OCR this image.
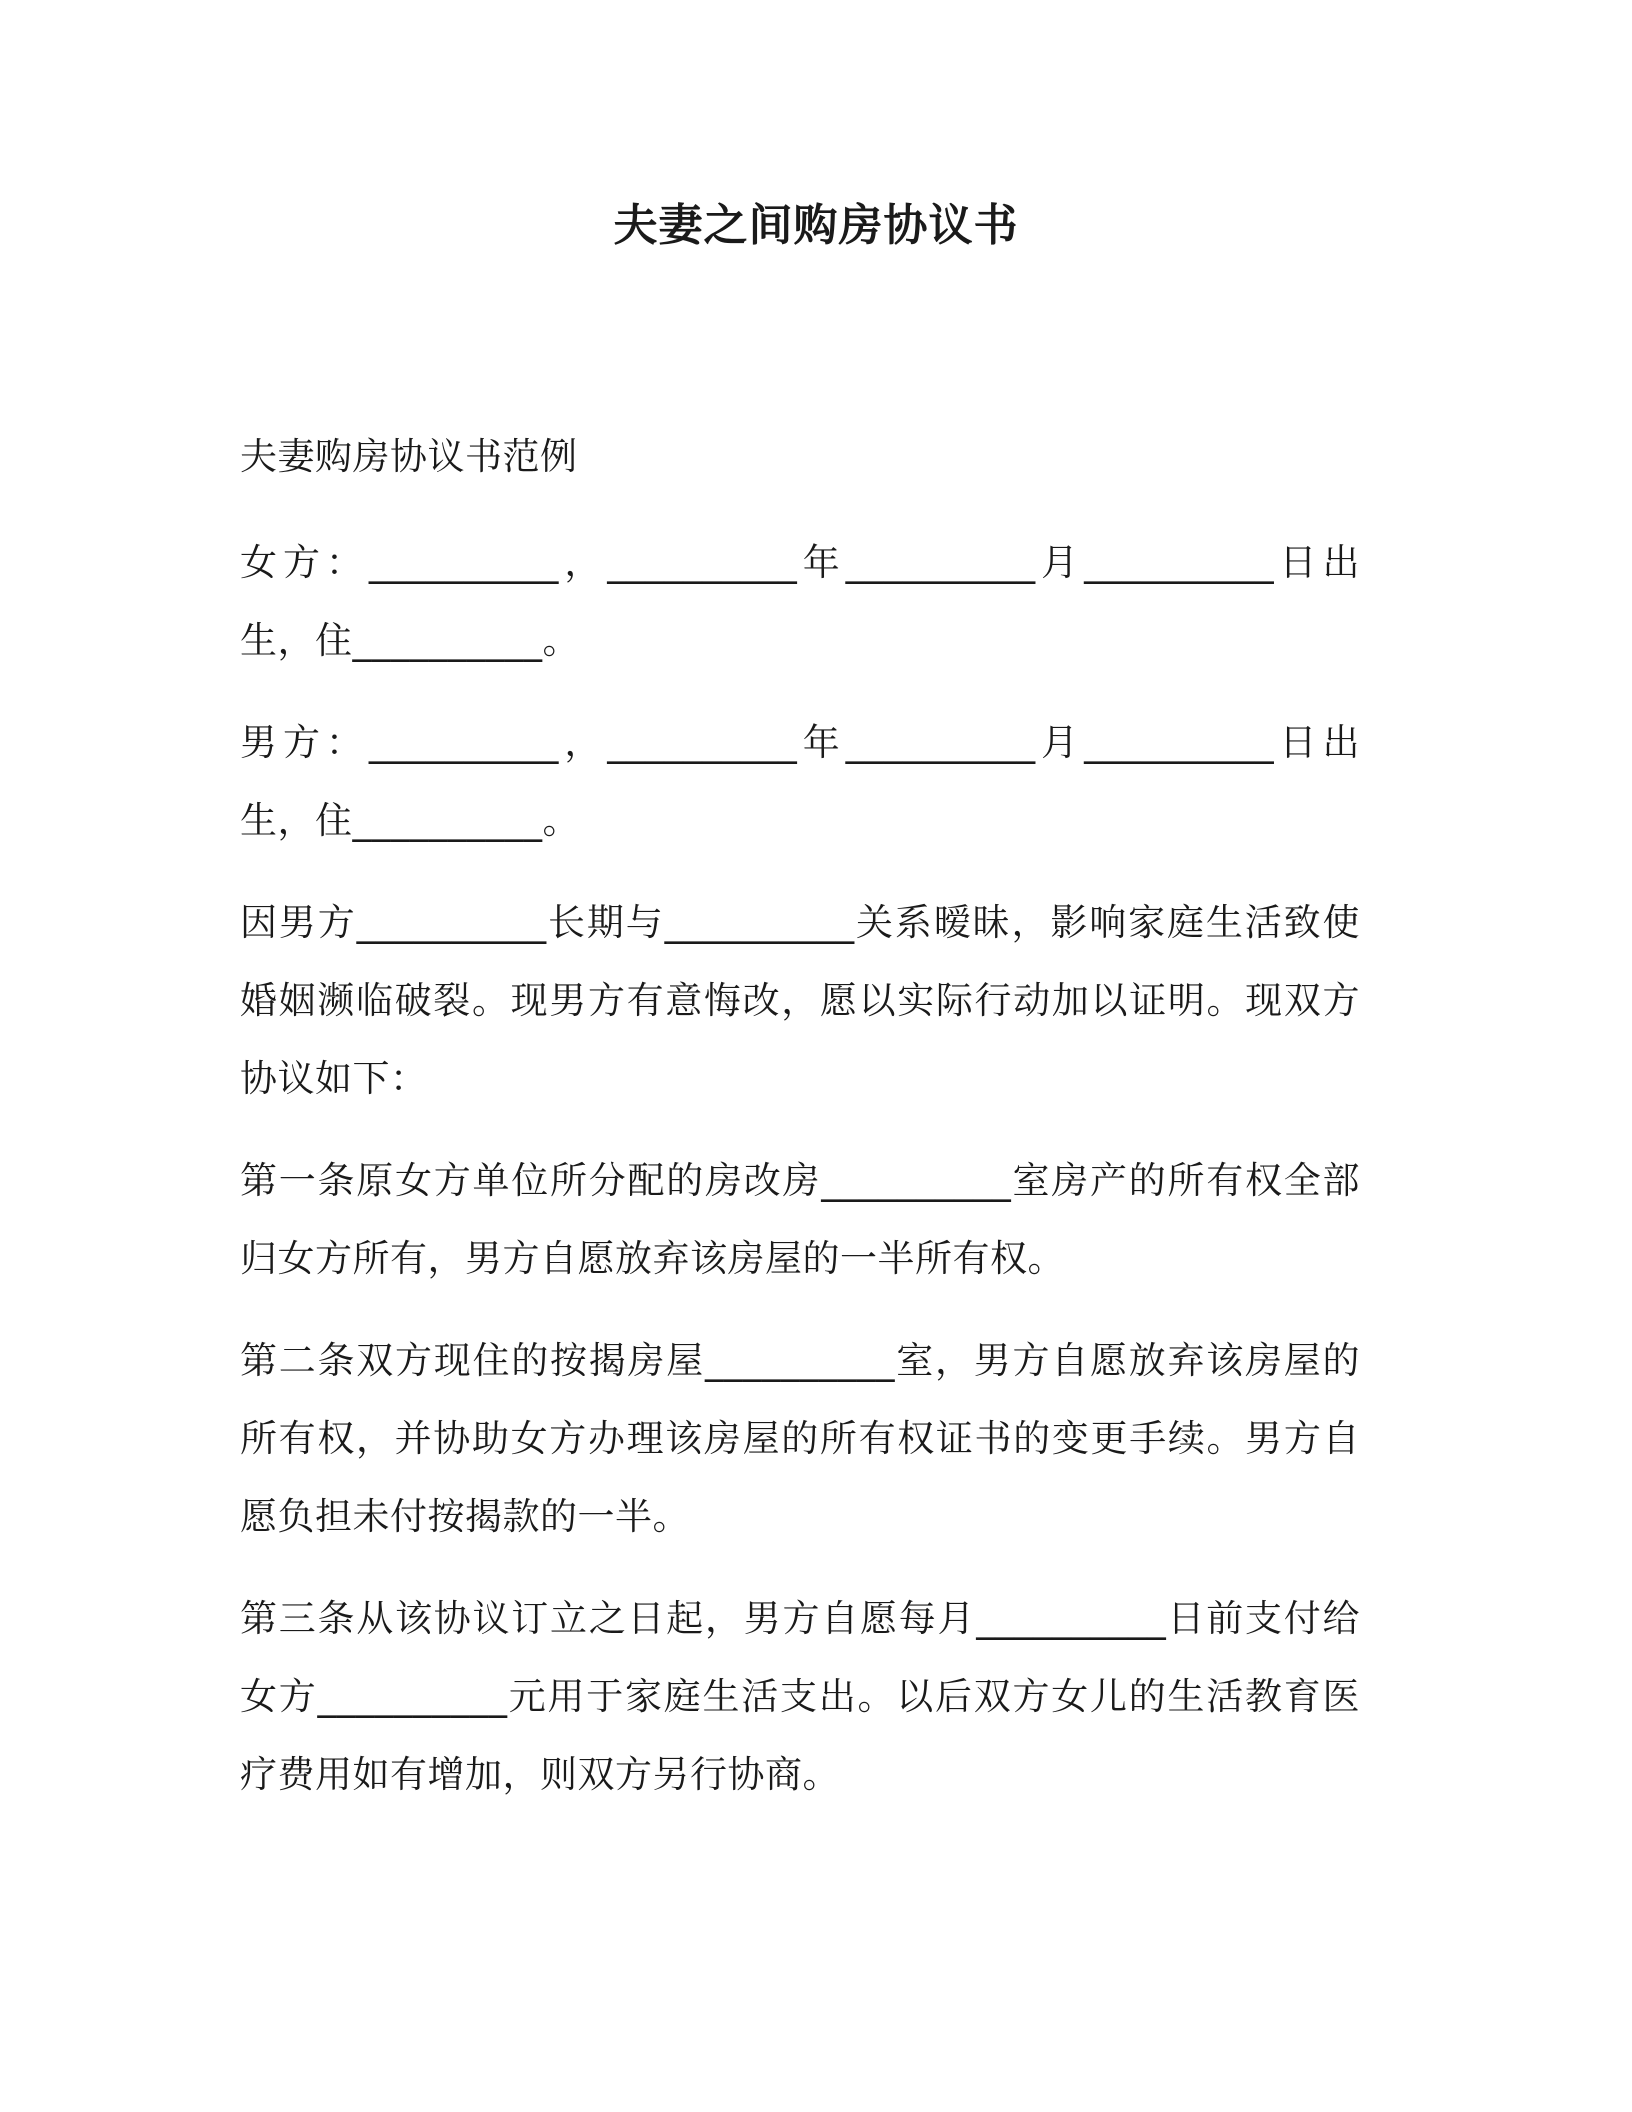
夫妻之间购房协议书

夫妻购房协议书范例

女方：__________，__________年__________月__________日出生，住__________。

男方：__________，__________年__________月__________日出生，住__________。

因男方__________长期与__________关系暧昧，影响家庭生活致使婚姻濒临破裂。现男方有意悔改，愿以实际行动加以证明。现双方协议如下：

第一条原女方单位所分配的房改房__________室房产的所有权全部归女方所有，男方自愿放弃该房屋的一半所有权。

第二条双方现住的按揭房屋__________室，男方自愿放弃该房屋的所有权，并协助女方办理该房屋的所有权证书的变更手续。男方自愿负担未付按揭款的一半。

第三条从该协议订立之日起，男方自愿每月__________日前支付给女方__________元用于家庭生活支出。以后双方女儿的生活教育医疗费用如有增加，则双方另行协商。
